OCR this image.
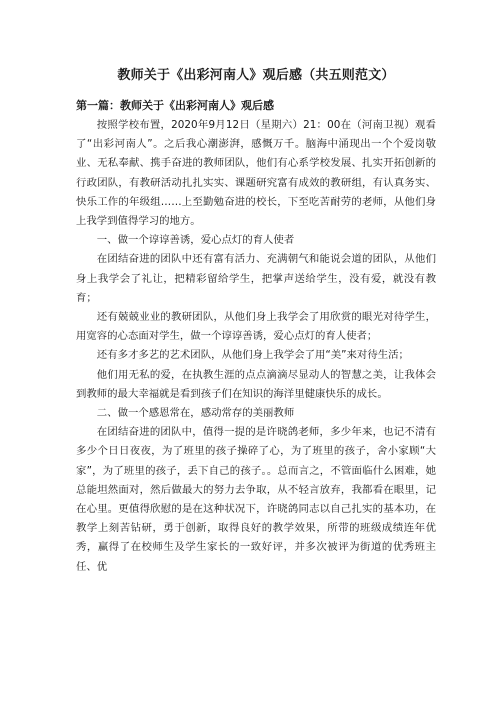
教师关于《出彩河南人》观后感（共五则范文）
第一篇：教师关于《出彩河南人》观后感

按照学校布置，2020年9月12日（星期六）21：00在（河南卫视）观看了“出彩河南人”。之后我心潮澎湃，感慨万千。脑海中涌现出一个个爱岗敬业、无私奉献、携手奋进的教师团队，他们有心系学校发展、扎实开拓创新的行政团队，有教研活动扎扎实实、课题研究富有成效的教研组，有认真务实、快乐工作的年级组……上至勤勉奋进的校长，下至吃苦耐劳的老师，从他们身上我学到值得学习的地方。

一、做一个谆谆善诱，爱心点灯的育人使者

在团结奋进的团队中还有富有活力、充满朝气和能说会道的团队，从他们身上我学会了礼让，把精彩留给学生，把掌声送给学生，没有爱，就没有教育；

还有兢兢业业的教研团队，从他们身上我学会了用欣赏的眼光对待学生，用宽容的心态面对学生，做一个谆谆善诱，爱心点灯的育人使者；

还有多才多艺的艺术团队，从他们身上我学会了用“美”来对待生活；

他们用无私的爱，在执教生涯的点点滴滴尽显动人的智慧之美，让我体会到教师的最大幸福就是看到孩子们在知识的海洋里健康快乐的成长。

二、做一个感恩常在，感动常存的美丽教师

在团结奋进的团队中，值得一提的是许晓鸽老师，多少年来，也记不清有多少个日日夜夜，为了班里的孩子操碎了心，为了班里的孩子，舍小家顾“大家”，为了班里的孩子，丢下自己的孩子。。总而言之，不管面临什么困难，她总能坦然面对，然后做最大的努力去争取，从不轻言放弃，我都看在眼里，记在心里。更值得欣慰的是在这种状况下，许晓鸽同志以自己扎实的基本功，在教学上刻苦钻研，勇于创新，取得良好的教学效果，所带的班级成绩连年优秀，赢得了在校师生及学生家长的一致好评，并多次被评为街道的优秀班主任、优
